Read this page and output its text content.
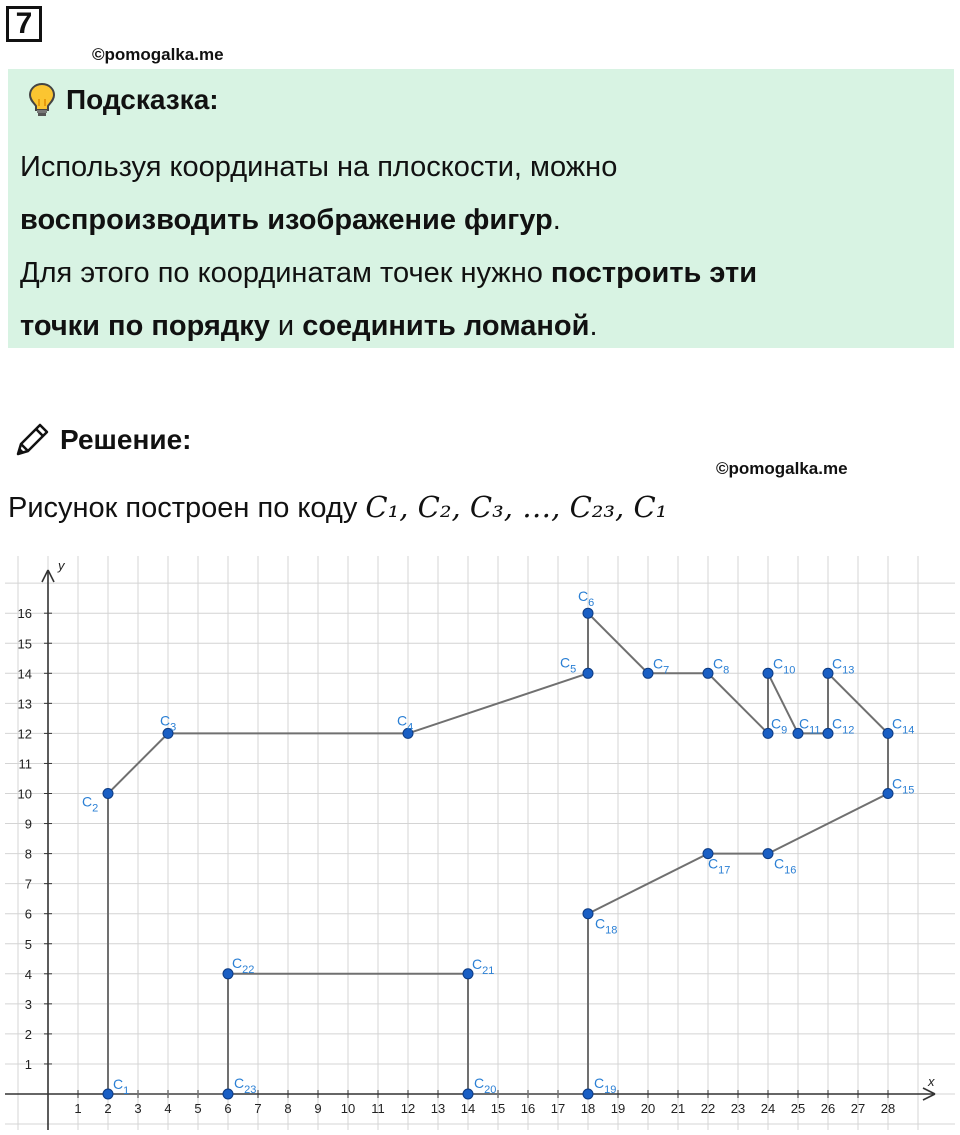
7
©pomogalka.me
Подсказка:
Используя координаты на плоскости, можно
воспроизводить изображение фигур.
Для этого по координатам точек нужно построить эти
точки по порядку и соединить ломаной.
Решение:
©pomogalka.me
Рисунок построен по коду C₁, C₂, C₃, …, C₂₃, C₁
x
y
1 2 3 4 5 6 7 8 9 10 11 12 13 14 15 16 17 18 19 20 21 22 23 24 25 26 27 28
1
2
3
4
5
6
7
8
9
10
11
12
13
14
15
16
$C_1$
$C_2$
$C_3$	$C_4$
$C_5$
$C_6$
$C_7$	$C_8$
$C_9$
$C_{10}$
$C_{11}$ $C_{12}$
$C_{13}$
$C_{14}$
$C_{15}$
$C_{16}$
$C_{17}$
$C_{18}$
$C_{19}$
$C_{20}$
$C_{21}$
$C_{22}$
$C_{23}$
